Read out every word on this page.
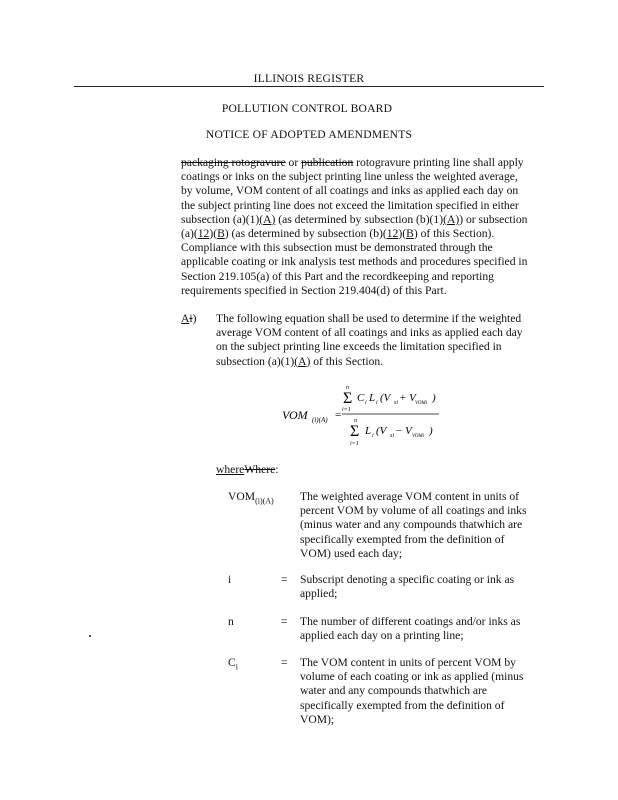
ILLINOIS REGISTER
POLLUTION CONTROL BOARD
NOTICE OF ADOPTED AMENDMENTS
packaging rotogravure or publication rotogravure printing line shall apply
coatings or inks on the subject printing line unless the weighted average,
by volume, VOM content of all coatings and inks as applied each day on
the subject printing line does not exceed the limitation specified in either
subsection (a)(1)(A) (as determined by subsection (b)(1)(A)) or subsection
(a)(12)(B) (as determined by subsection (b)(12)(B) of this Section).
Compliance with this subsection must be demonstrated through the
applicable coating or ink analysis test methods and procedures specified in
Section 219.105(a) of this Part and the recordkeeping and reporting
requirements specified in Section 219.404(d) of this Part.
Ai) The following equation shall be used to determine if the weighted
average VOM content of all coatings and inks as applied each day
on the subject printing line exceeds the limitation specified in
subsection (a)(1)(A) of this Section.
VOM (i)(A) =
n
Σ
i=1
C i L i (V si + V VOMi )
n
Σ
i=1
L i (V si − V VOMi )
whereWhere:
$VOM_{(i)(A)}$ The weighted average VOM content in units of
percent VOM by volume of all coatings and inks
(minus water and any compounds thatwhich are
specifically exempted from the definition of
VOM) used each day;
i	= Subscript denoting a specific coating or ink as
applied;
n	= The number of different coatings and/or inks as
applied each day on a printing line;
$C_i$	= The VOM content in units of percent VOM by
volume of each coating or ink as applied (minus
water and any compounds thatwhich are
specifically exempted from the definition of
VOM);
